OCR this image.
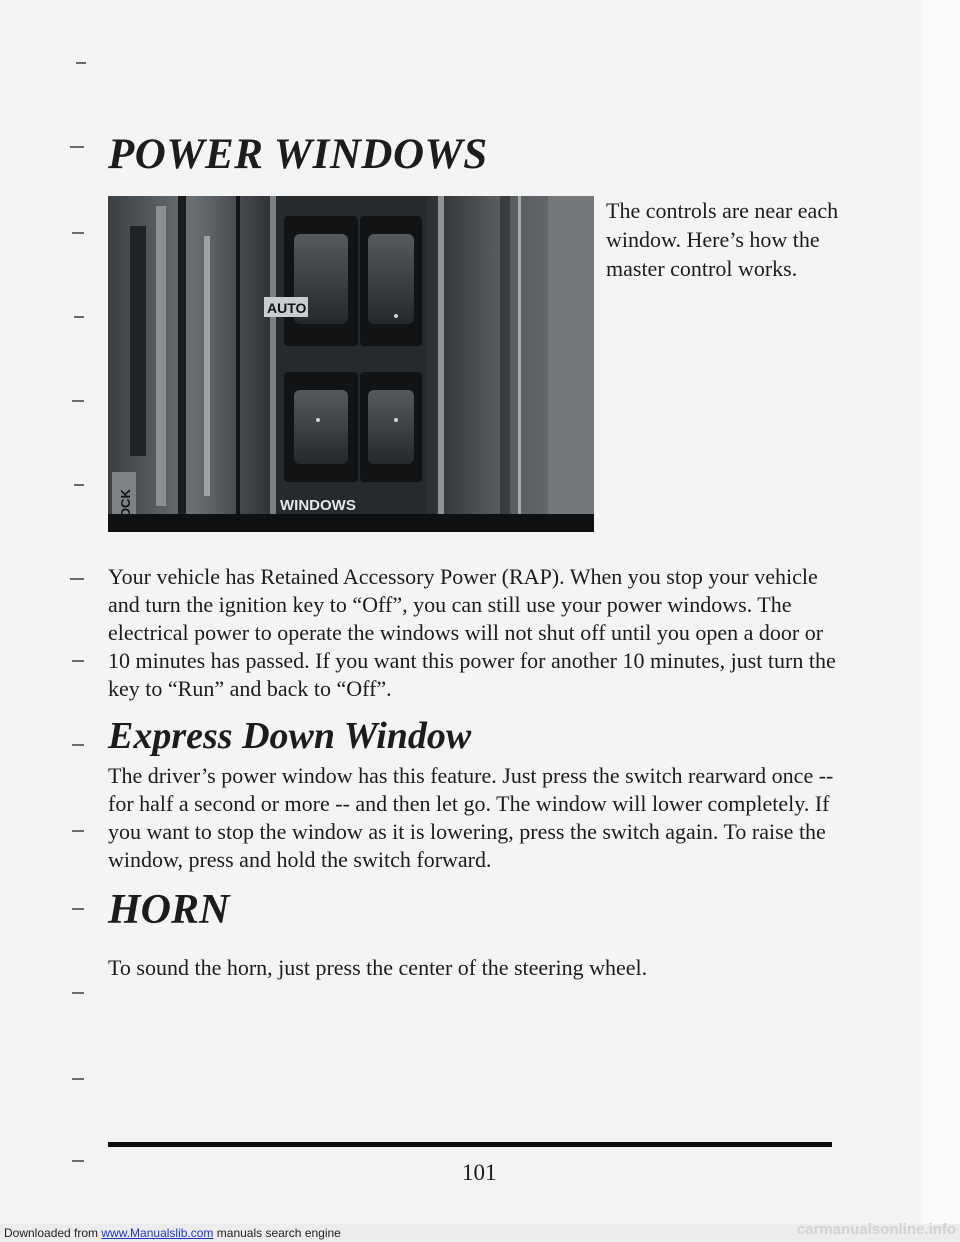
POWER WINDOWS
AUTO
WINDOWS
LOCK

The controls are near each window. Here’s how the master control works.

Your vehicle has Retained Accessory Power (RAP). When you stop your vehicle and turn the ignition key to “Off”, you can still use your power windows. The electrical power to operate the windows will not shut off until you open a door or 10 minutes has passed. If you want this power for another 10 minutes, just turn the key to “Run” and back to “Off”.

Express Down Window

The driver’s power window has this feature. Just press the switch rearward once -- for half a second or more -- and then let go. The window will lower completely. If you want to stop the window as it is lowering, press the switch again. To raise the window, press and hold the switch forward.

HORN

To sound the horn, just press the center of the steering wheel.

101

Downloaded from www.Manualslib.com manuals search engine	carmanualsonline.info
